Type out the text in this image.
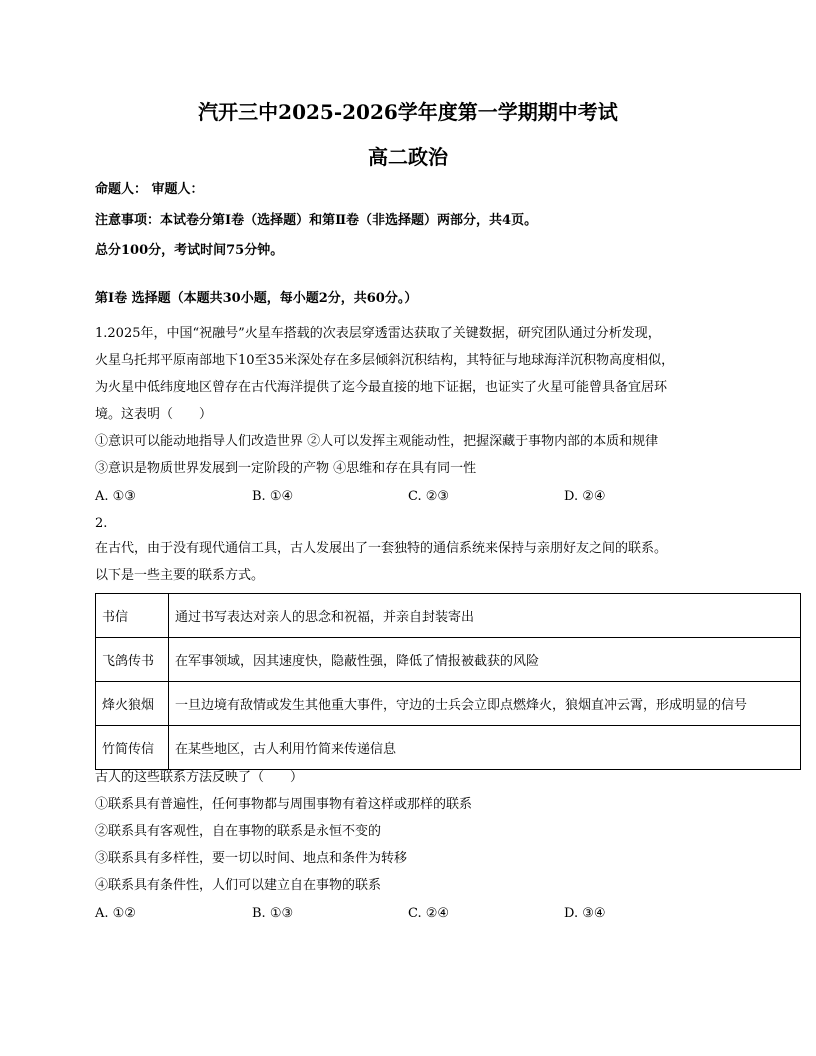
汽开三中2025-2026学年度第一学期期中考试
高二政治
命题人： 审题人：
注意事项：本试卷分第Ⅰ卷（选择题）和第Ⅱ卷（非选择题）两部分，共4页。
总分100分，考试时间75分钟。
第Ⅰ卷 选择题（本题共30小题，每小题2分，共60分。）
1.2025年，中国“祝融号”火星车搭载的次表层穿透雷达获取了关键数据，研究团队通过分析发现，
火星乌托邦平原南部地下10至35米深处存在多层倾斜沉积结构，其特征与地球海洋沉积物高度相似，
为火星中低纬度地区曾存在古代海洋提供了迄今最直接的地下证据，也证实了火星可能曾具备宜居环
境。这表明（　　）
①意识可以能动地指导人们改造世界 ②人可以发挥主观能动性，把握深藏于事物内部的本质和规律
③意识是物质世界发展到一定阶段的产物 ④思维和存在具有同一性
A. ①③	B. ①④	C. ②③	D. ②④
2.
在古代，由于没有现代通信工具，古人发展出了一套独特的通信系统来保持与亲朋好友之间的联系。
以下是一些主要的联系方式。
书信	通过书写表达对亲人的思念和祝福，并亲自封装寄出
飞鸽传书	在军事领域，因其速度快，隐蔽性强，降低了情报被截获的风险
烽火狼烟	一旦边境有敌情或发生其他重大事件，守边的士兵会立即点燃烽火，狼烟直冲云霄，形成明显的信号
竹简传信	在某些地区，古人利用竹简来传递信息
古人的这些联系方法反映了（　　）
①联系具有普遍性，任何事物都与周围事物有着这样或那样的联系
②联系具有客观性，自在事物的联系是永恒不变的
③联系具有多样性，要一切以时间、地点和条件为转移
④联系具有条件性，人们可以建立自在事物的联系
A. ①②	B. ①③	C. ②④	D. ③④
